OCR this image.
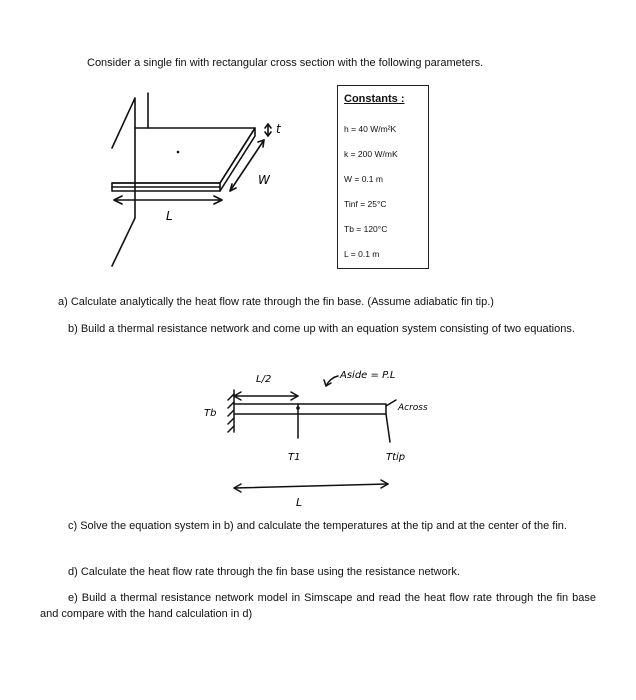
Consider a single fin with rectangular cross section with the following parameters.
t
W
L
Constants :
h = 40 W/m²K
k = 200 W/mK
W = 0.1 m
Tinf = 25°C
Tb = 120°C
L = 0.1 m
a) Calculate analytically the heat flow rate through the fin base. (Assume adiabatic fin tip.)
b) Build a thermal resistance network and come up with an equation system consisting of two equations.
L/2	Aside = P.L
Across
Tb
T1	Ttip
L
c) Solve the equation system in b) and calculate the temperatures at the tip and at the center of the fin.
d) Calculate the heat flow rate through the fin base using the resistance network.
e) Build a thermal resistance network model in Simscape and read the heat flow rate through the fin base and compare with the hand calculation in d)
